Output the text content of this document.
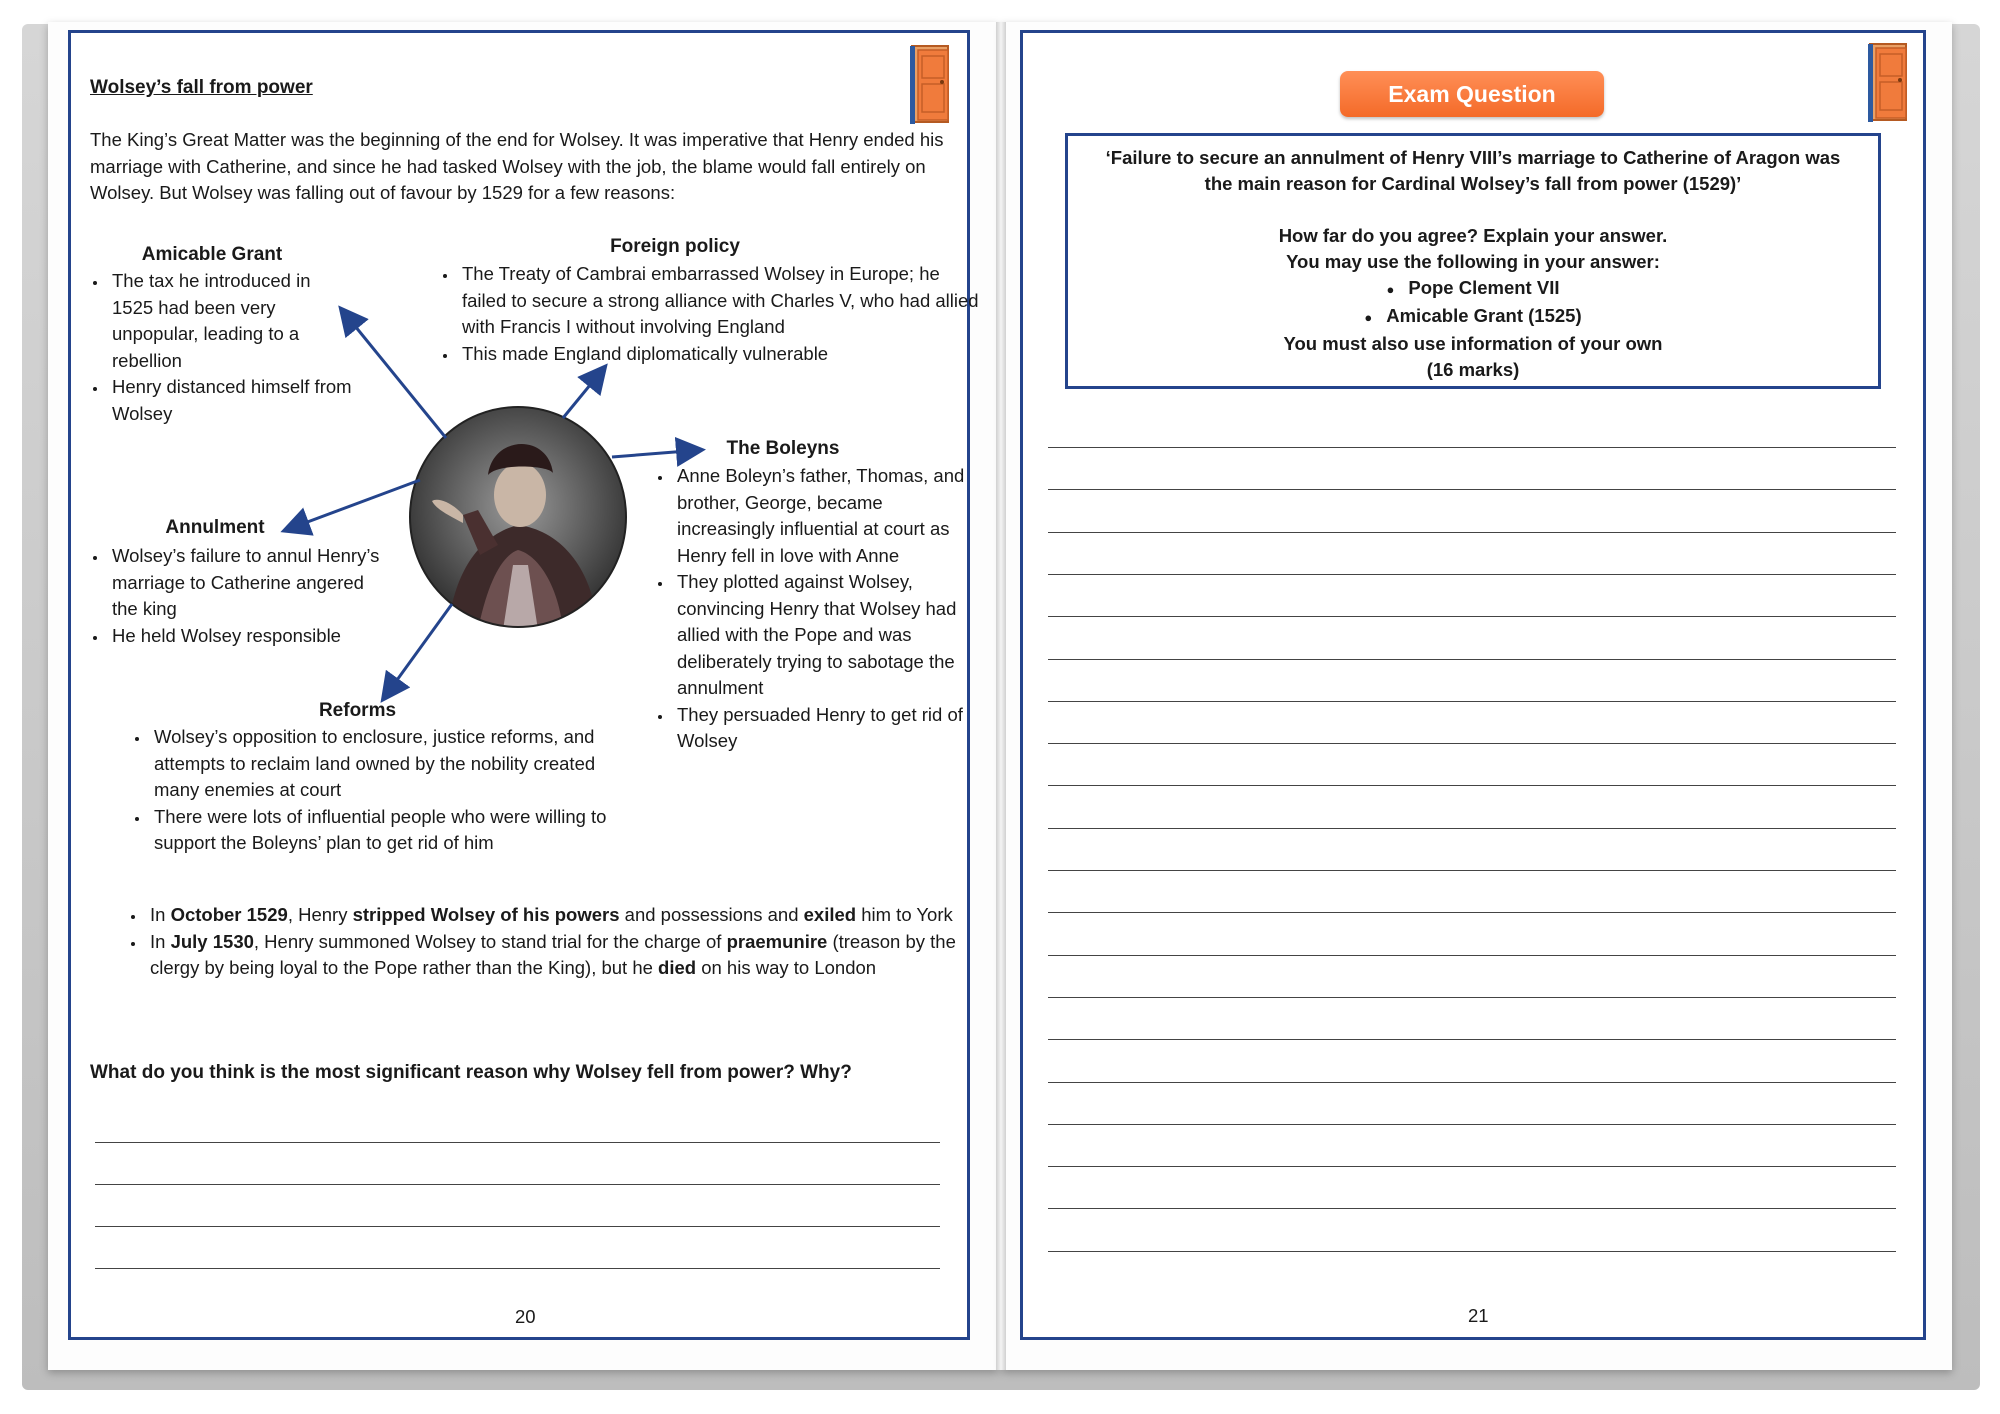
Wolsey’s fall from power
The King’s Great Matter was the beginning of the end for Wolsey. It was imperative that Henry ended his marriage with Catherine, and since he had tasked Wolsey with the job, the blame would fall entirely on Wolsey. But Wolsey was falling out of favour by 1529 for a few reasons:
Amicable Grant
• The tax he introduced in 1525 had been very unpopular, leading to a rebellion
• Henry distanced himself from Wolsey
Foreign policy
• The Treaty of Cambrai embarrassed Wolsey in Europe; he failed to secure a strong alliance with Charles V, who had allied with Francis I without involving England
• This made England diplomatically vulnerable
The Boleyns
• Anne Boleyn’s father, Thomas, and brother, George, became increasingly influential at court as Henry fell in love with Anne
• They plotted against Wolsey, convincing Henry that Wolsey had allied with the Pope and was deliberately trying to sabotage the annulment
• They persuaded Henry to get rid of Wolsey
Annulment
• Wolsey’s failure to annul Henry’s marriage to Catherine angered the king
• He held Wolsey responsible
Reforms
• Wolsey’s opposition to enclosure, justice reforms, and attempts to reclaim land owned by the nobility created many enemies at court
• There were lots of influential people who were willing to support the Boleyns’ plan to get rid of him
• In October 1529, Henry stripped Wolsey of his powers and possessions and exiled him to York
• In July 1530, Henry summoned Wolsey to stand trial for the charge of praemunire (treason by the clergy by being loyal to the Pope rather than the King), but he died on his way to London
What do you think is the most significant reason why Wolsey fell from power? Why?
20
Exam Question
‘Failure to secure an annulment of Henry VIII’s marriage to Catherine of Aragon was
the main reason for Cardinal Wolsey’s fall from power (1529)’
How far do you agree? Explain your answer.
You may use the following in your answer:
● Pope Clement VII
● Amicable Grant (1525)
You must also use information of your own
(16 marks)
21
